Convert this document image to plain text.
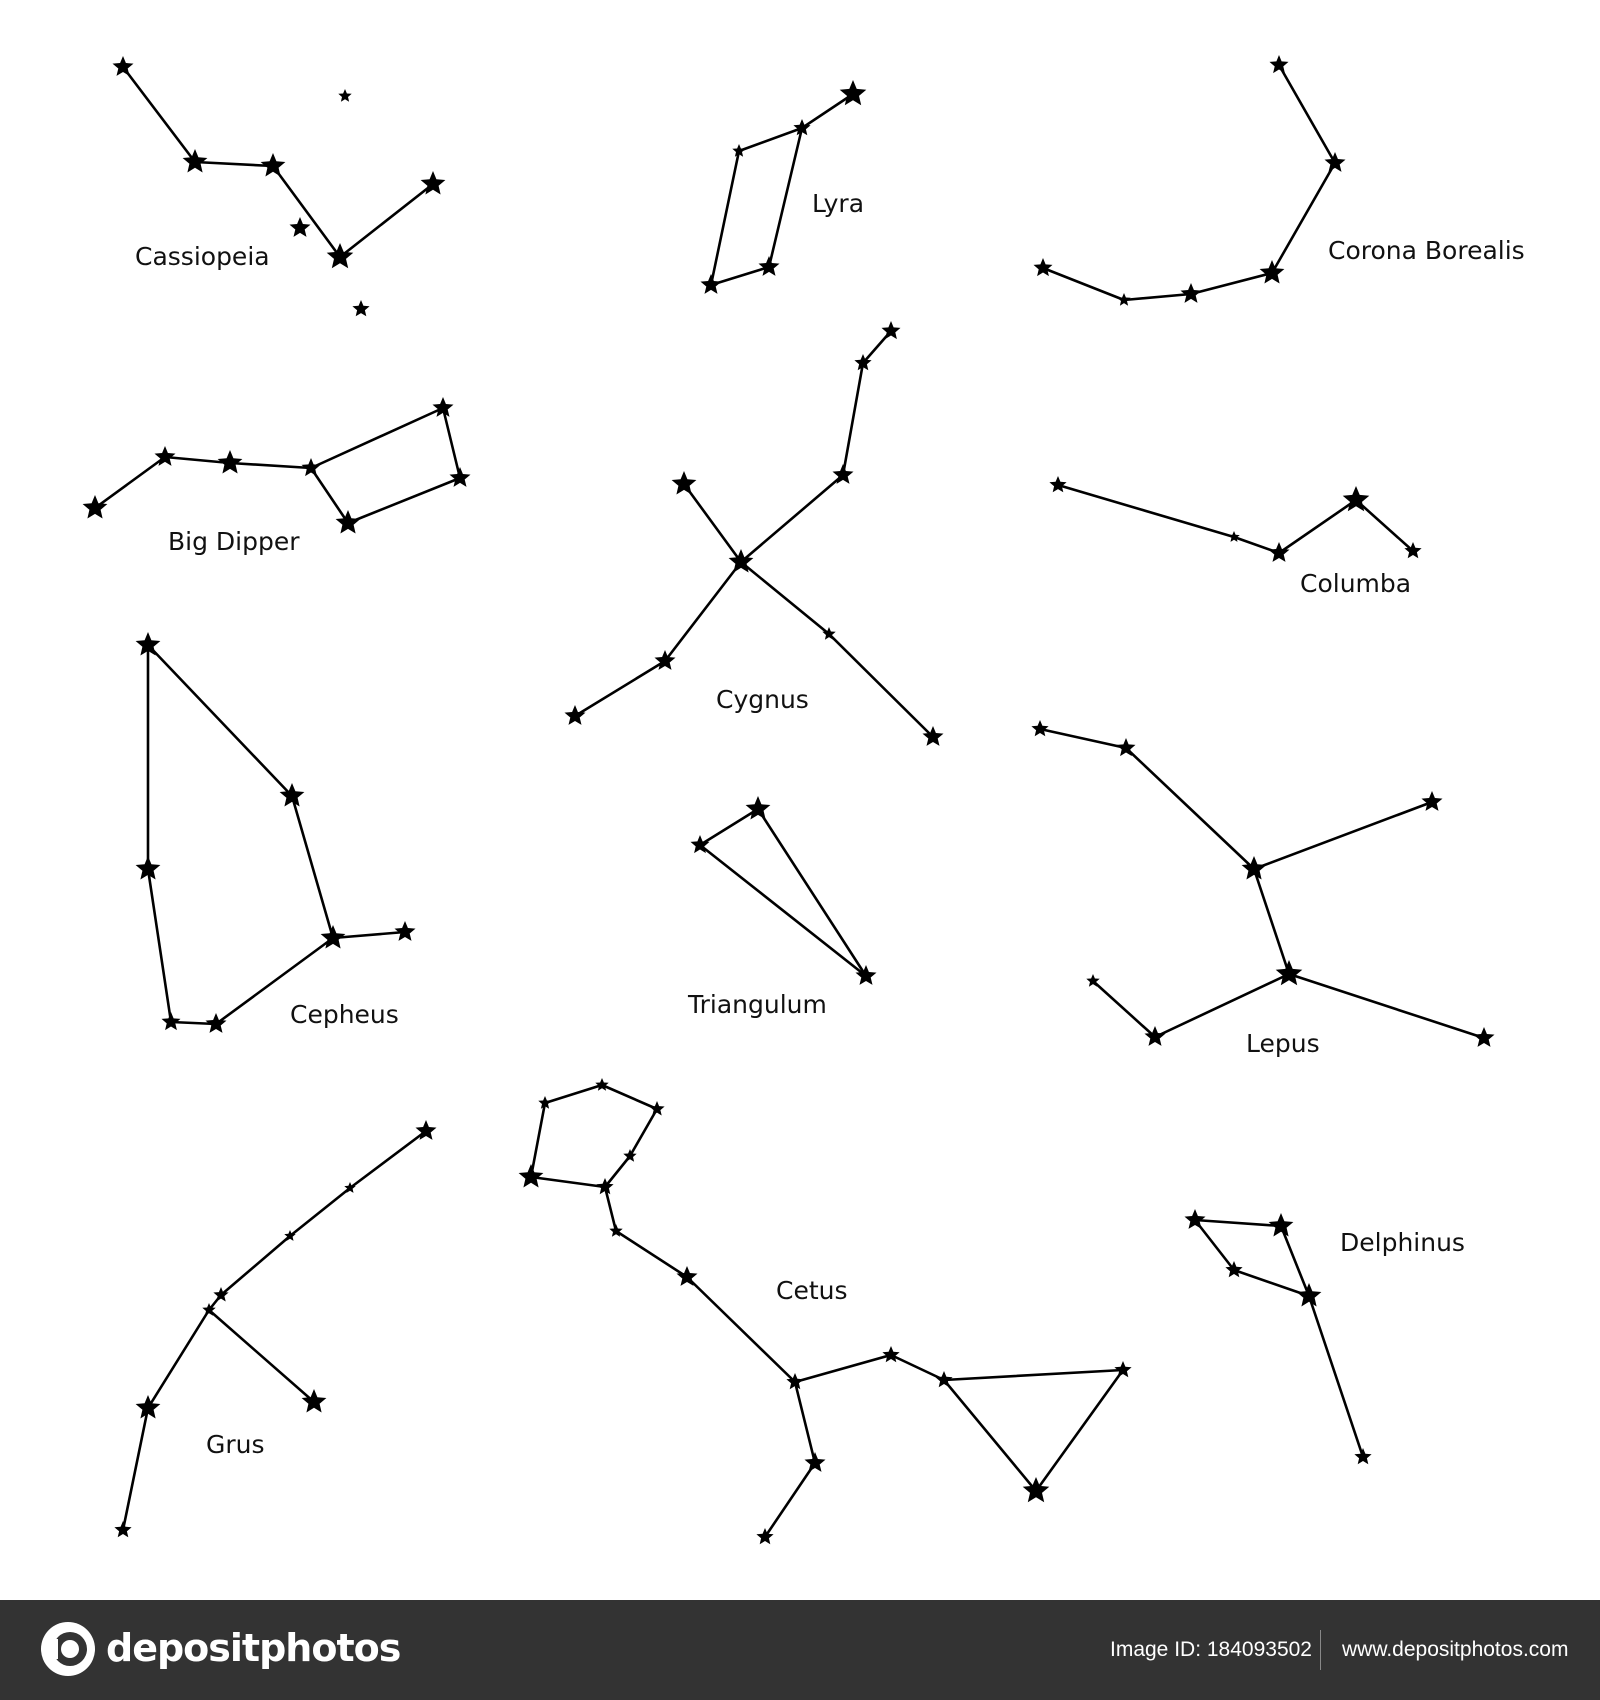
Cassiopeia
Lyra
Corona Borealis
Big Dipper
Cygnus
Columba
Cepheus	Triangulum
Lepus
Grus
Cetus
Delphinus
depositphotos	Image ID: 184093502 www.depositphotos.com
